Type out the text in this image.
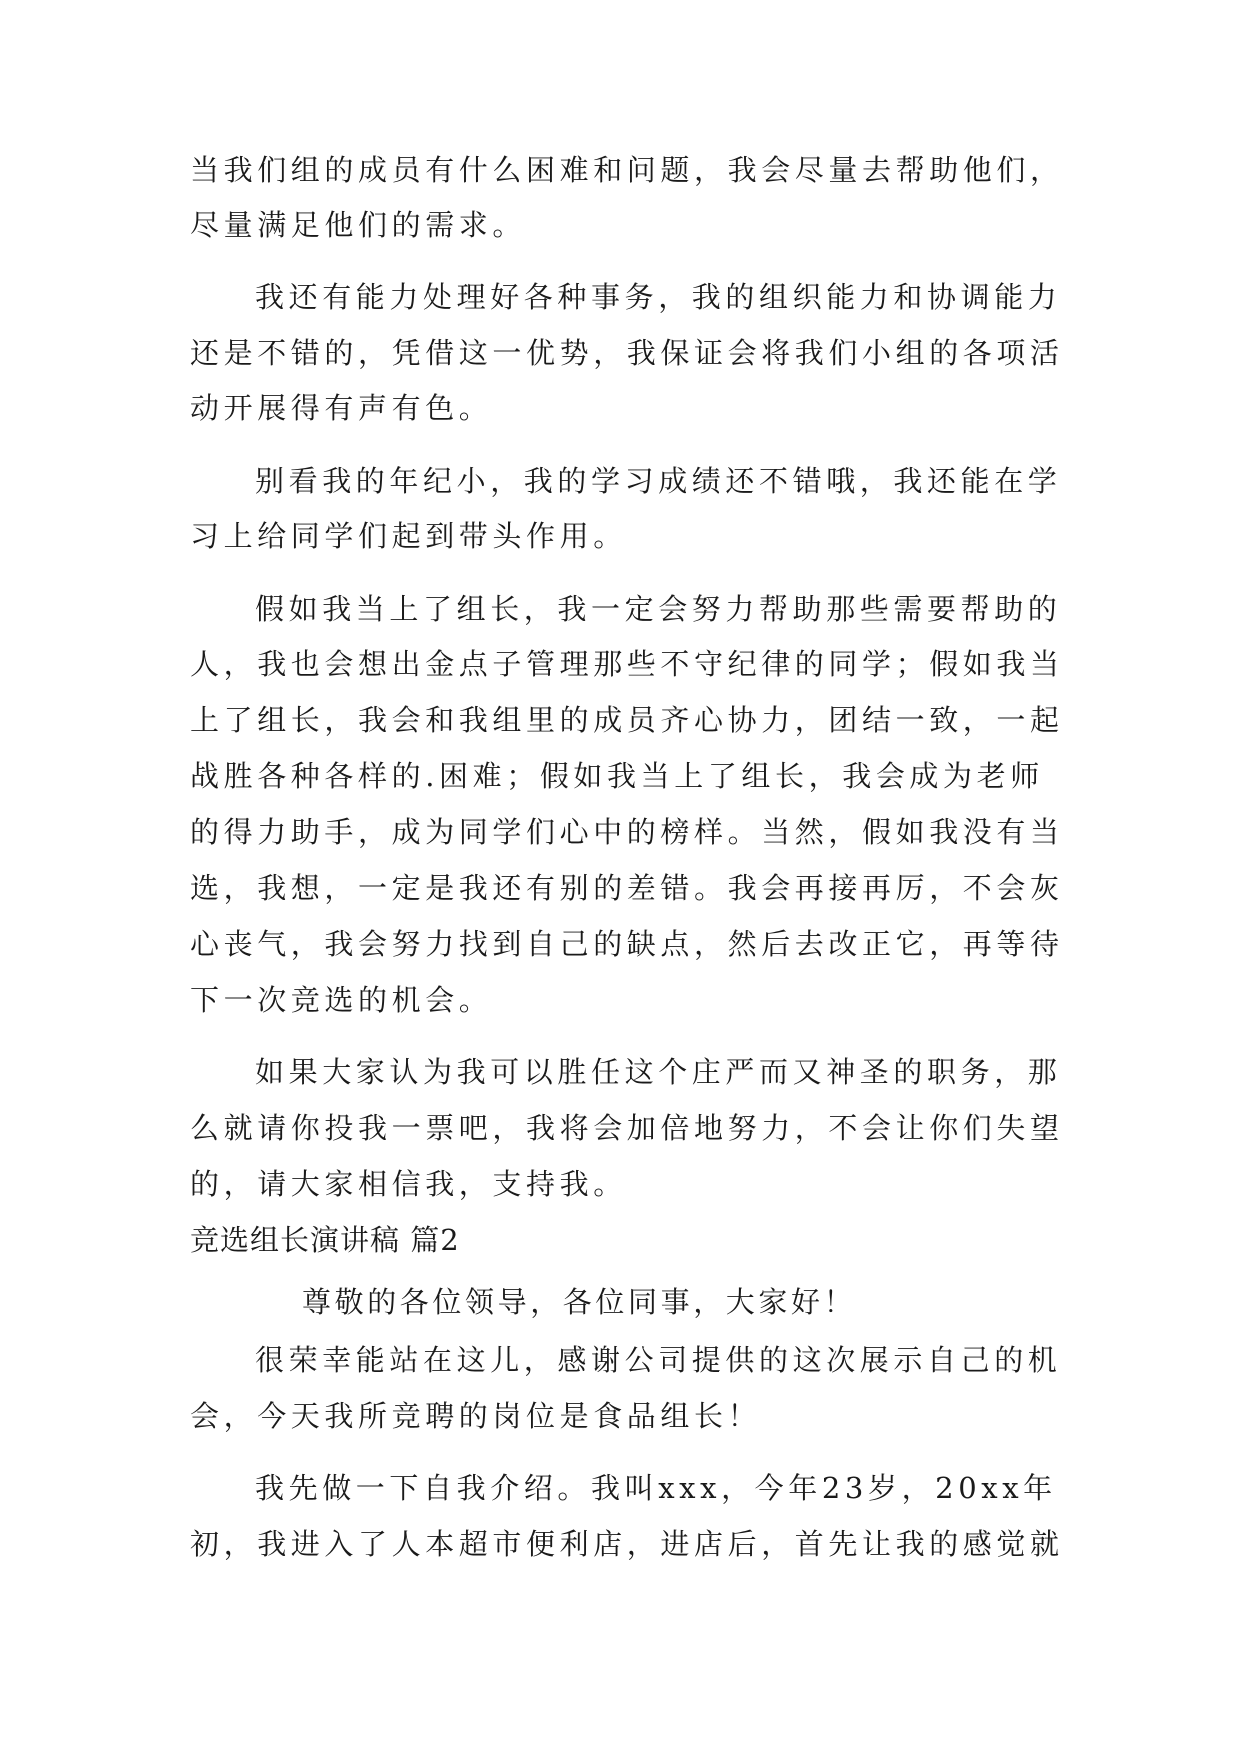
当我们组的成员有什么困难和问题，我会尽量去帮助他们，
尽量满足他们的需求。
我还有能力处理好各种事务，我的组织能力和协调能力
还是不错的，凭借这一优势，我保证会将我们小组的各项活
动开展得有声有色。
别看我的年纪小，我的学习成绩还不错哦，我还能在学
习上给同学们起到带头作用。
假如我当上了组长，我一定会努力帮助那些需要帮助的
人，我也会想出金点子管理那些不守纪律的同学；假如我当
上了组长，我会和我组里的成员齐心协力，团结一致，一起
战胜各种各样的.困难；假如我当上了组长，我会成为老师
的得力助手，成为同学们心中的榜样。当然，假如我没有当
选，我想，一定是我还有别的差错。我会再接再厉，不会灰
心丧气，我会努力找到自己的缺点，然后去改正它，再等待
下一次竞选的机会。
如果大家认为我可以胜任这个庄严而又神圣的职务，那
么就请你投我一票吧，我将会加倍地努力，不会让你们失望
的，请大家相信我，支持我。
竞选组长演讲稿 篇2
尊敬的各位领导，各位同事，大家好！
很荣幸能站在这儿，感谢公司提供的这次展示自己的机
会，今天我所竞聘的岗位是食品组长！
我先做一下自我介绍。我叫xxx，今年23岁，20xx年
初，我进入了人本超市便利店，进店后，首先让我的感觉就
